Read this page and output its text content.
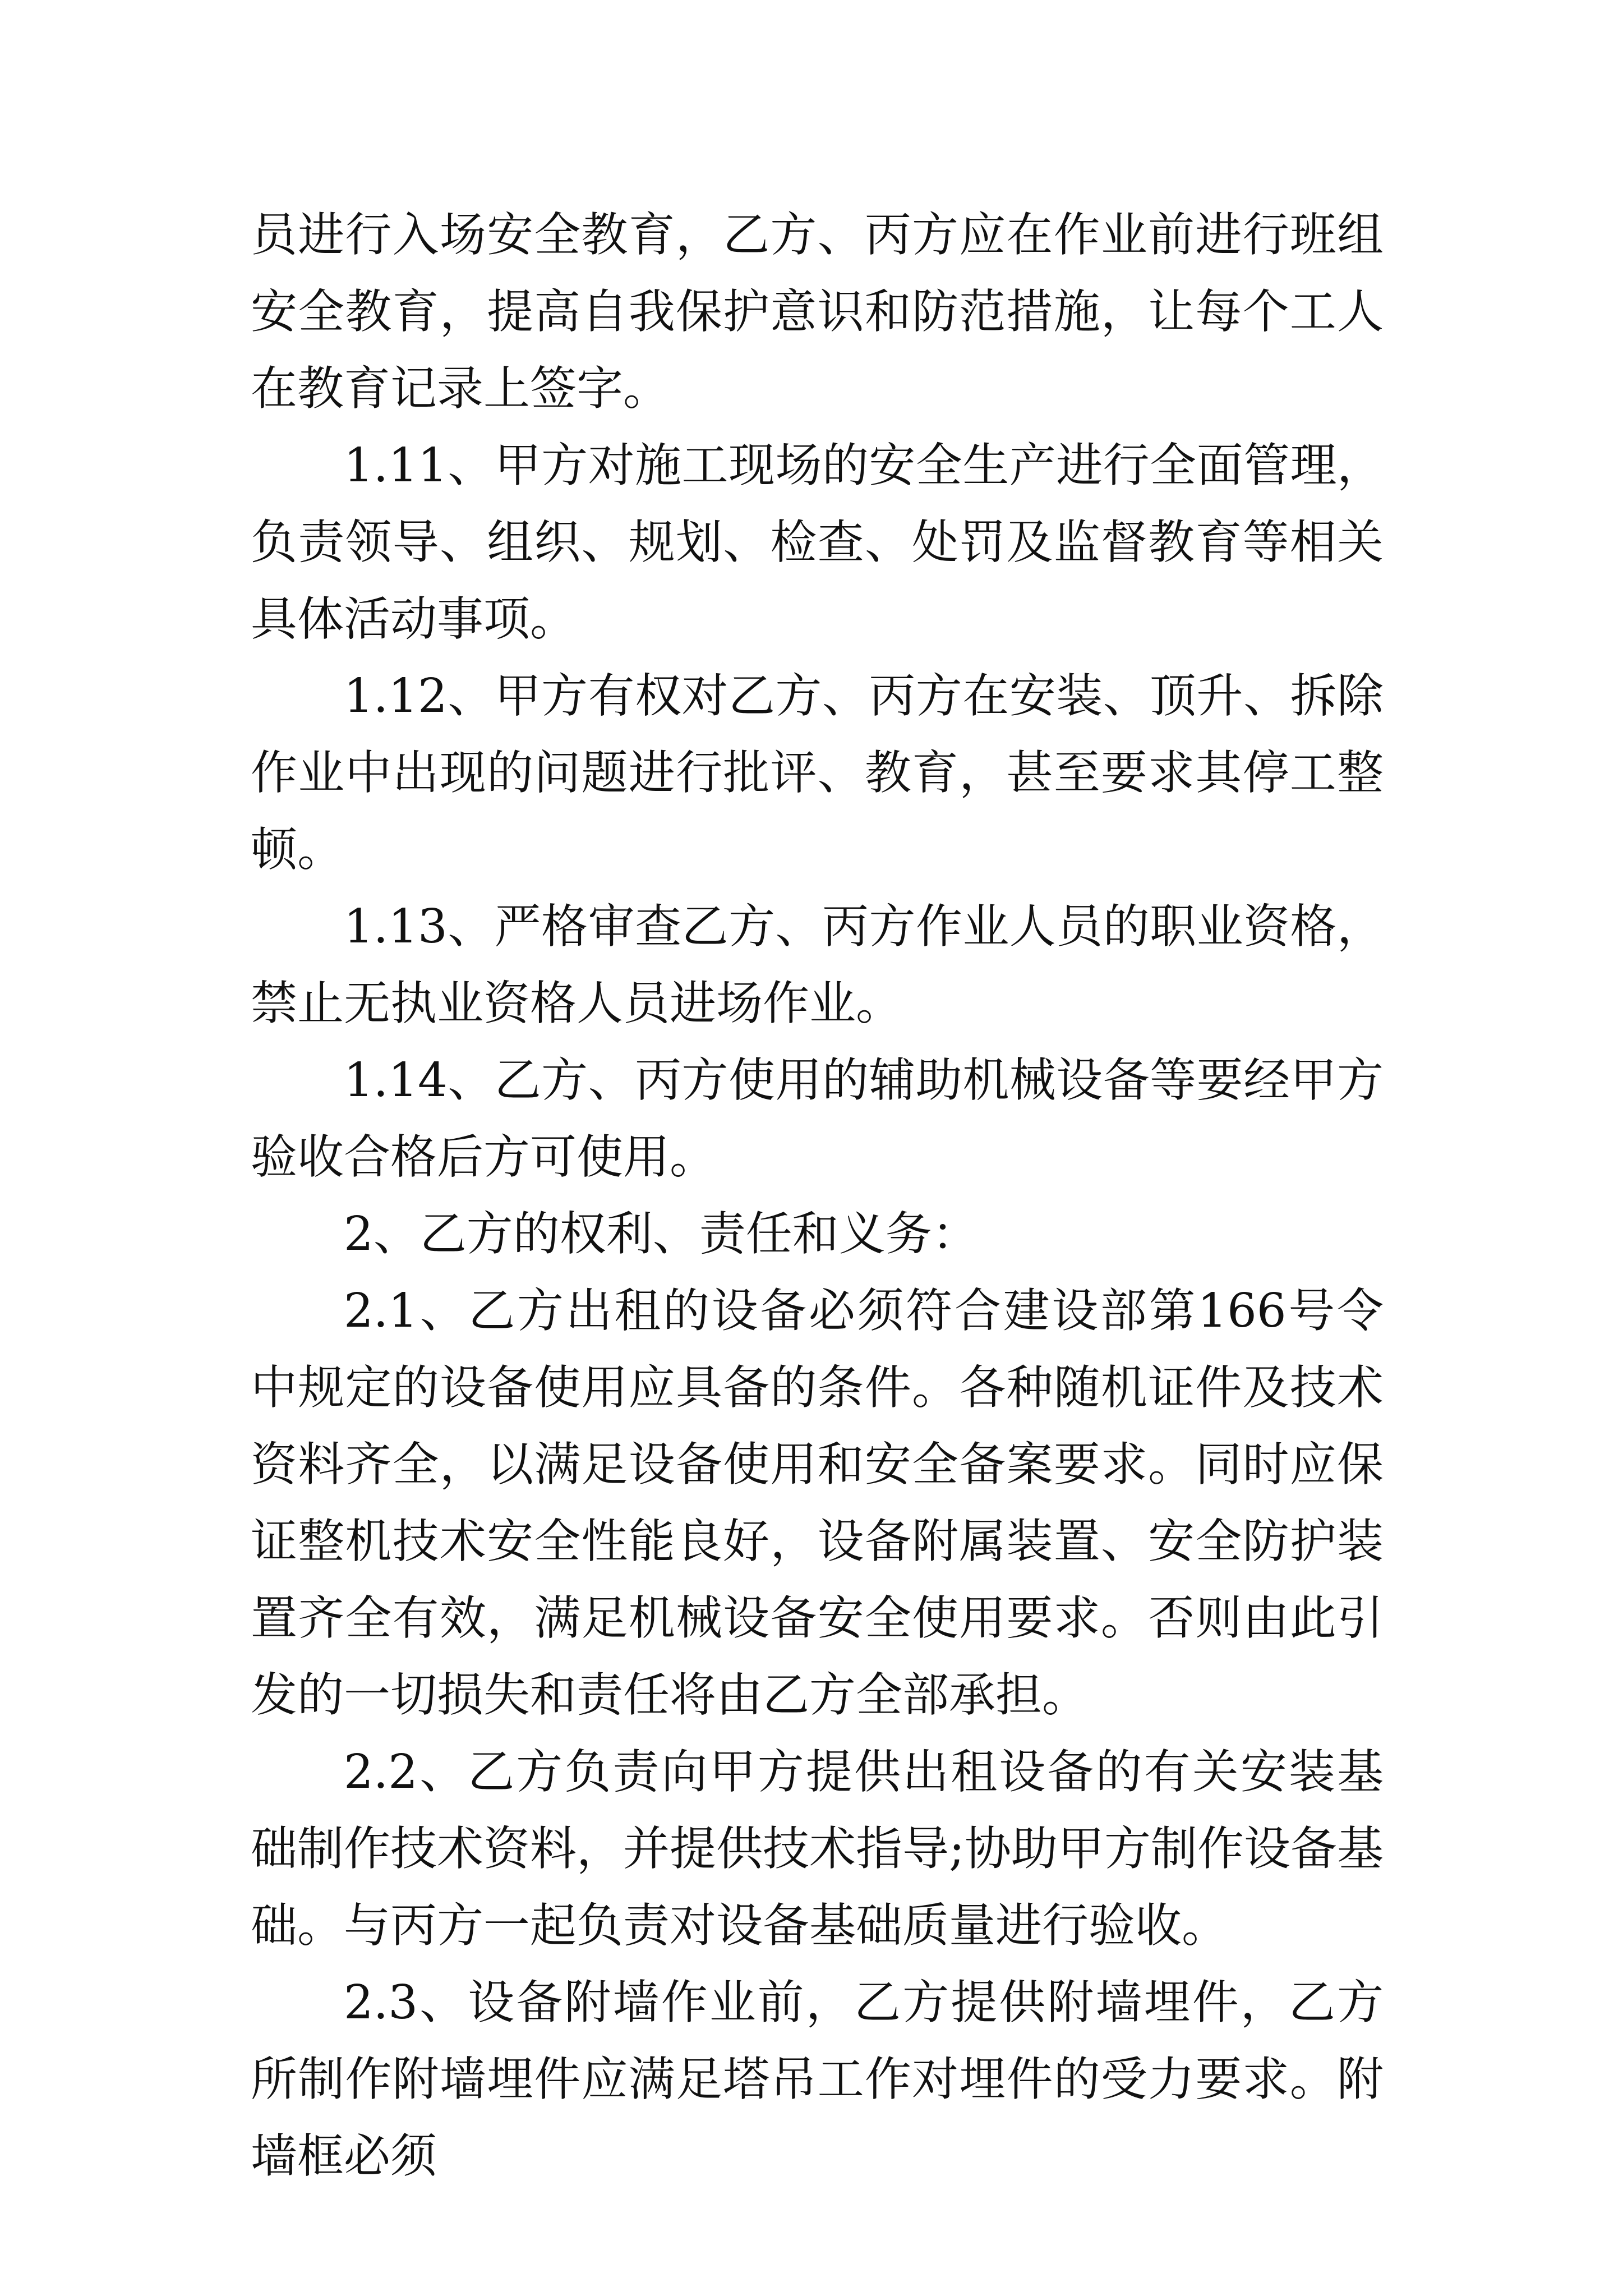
员进行入场安全教育，乙方、丙方应在作业前进行班组安全教育，提高自我保护意识和防范措施，让每个工人在教育记录上签字。

1.11、甲方对施工现场的安全生产进行全面管理，负责领导、组织、规划、检查、处罚及监督教育等相关具体活动事项。

1.12、甲方有权对乙方、丙方在安装、顶升、拆除作业中出现的问题进行批评、教育，甚至要求其停工整顿。

1.13、严格审查乙方、丙方作业人员的职业资格，禁止无执业资格人员进场作业。

1.14、乙方、丙方使用的辅助机械设备等要经甲方验收合格后方可使用。

2、乙方的权利、责任和义务：

2.1、乙方出租的设备必须符合建设部第166号令中规定的设备使用应具备的条件。各种随机证件及技术资料齐全，以满足设备使用和安全备案要求。同时应保证整机技术安全性能良好，设备附属装置、安全防护装置齐全有效，满足机械设备安全使用要求。否则由此引发的一切损失和责任将由乙方全部承担。

2.2、乙方负责向甲方提供出租设备的有关安装基础制作技术资料，并提供技术指导;协助甲方制作设备基础。与丙方一起负责对设备基础质量进行验收。

2.3、设备附墙作业前，乙方提供附墙埋件，乙方所制作附墙埋件应满足塔吊工作对埋件的受力要求。附墙框必须
